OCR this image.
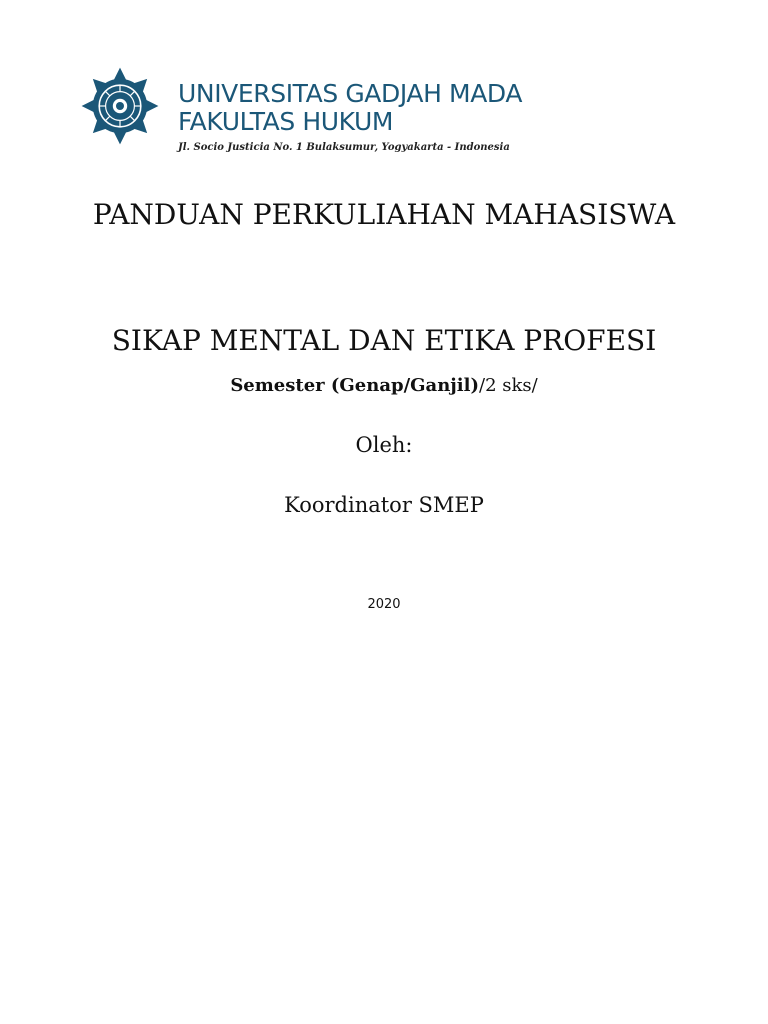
UNIVERSITAS GADJAH MADA
FAKULTAS HUKUM
Jl. Socio Justicia No. 1 Bulaksumur, Yogyakarta - Indonesia
PANDUAN PERKULIAHAN MAHASISWA
SIKAP MENTAL DAN ETIKA PROFESI
Semester (Genap/Ganjil)/2 sks/
Oleh:
Koordinator SMEP
2020
